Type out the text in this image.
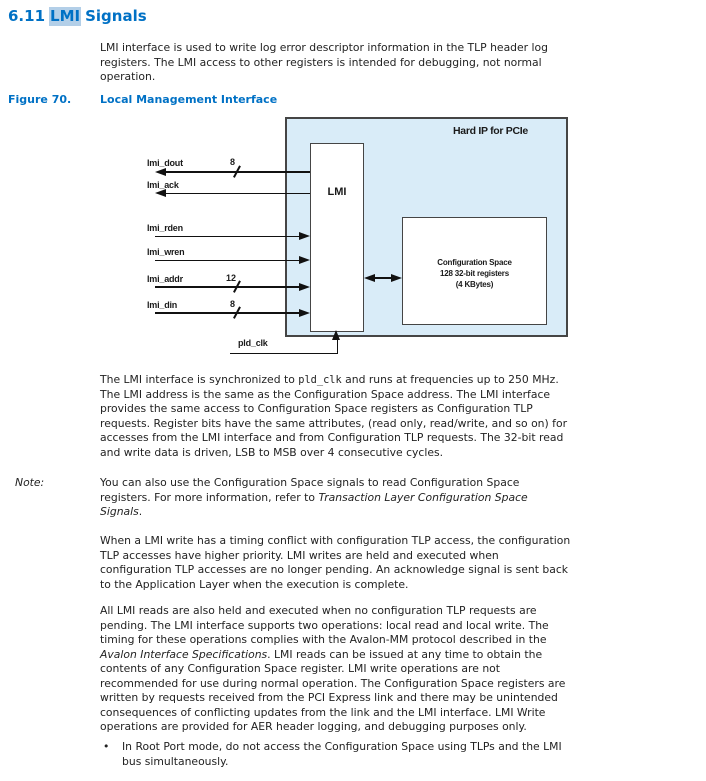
6.11 LMI Signals
LMI interface is used to write log error descriptor information in the TLP header log
registers. The LMI access to other registers is intended for debugging, not normal
operation.
Figure 70.	Local Management Interface
Hard IP for PCIe
LMI
Configuration Space
128 32-bit registers
(4 KBytes)
lmi_dout	8
lmi_ack
lmi_rden
lmi_wren
lmi_addr	12
lmi_din	8
pld_clk
The LMI interface is synchronized to pld_clk and runs at frequencies up to 250 MHz.
The LMI address is the same as the Configuration Space address. The LMI interface
provides the same access to Configuration Space registers as Configuration TLP
requests. Register bits have the same attributes, (read only, read/write, and so on) for
accesses from the LMI interface and from Configuration TLP requests. The 32-bit read
and write data is driven, LSB to MSB over 4 consecutive cycles.
Note:	You can also use the Configuration Space signals to read Configuration Space
registers. For more information, refer to Transaction Layer Configuration Space
Signals.
When a LMI write has a timing conflict with configuration TLP access, the configuration
TLP accesses have higher priority. LMI writes are held and executed when
configuration TLP accesses are no longer pending. An acknowledge signal is sent back
to the Application Layer when the execution is complete.
All LMI reads are also held and executed when no configuration TLP requests are
pending. The LMI interface supports two operations: local read and local write. The
timing for these operations complies with the Avalon-MM protocol described in the
Avalon Interface Specifications. LMI reads can be issued at any time to obtain the
contents of any Configuration Space register. LMI write operations are not
recommended for use during normal operation. The Configuration Space registers are
written by requests received from the PCI Express link and there may be unintended
consequences of conflicting updates from the link and the LMI interface. LMI Write
operations are provided for AER header logging, and debugging purposes only.
• In Root Port mode, do not access the Configuration Space using TLPs and the LMI
bus simultaneously.
